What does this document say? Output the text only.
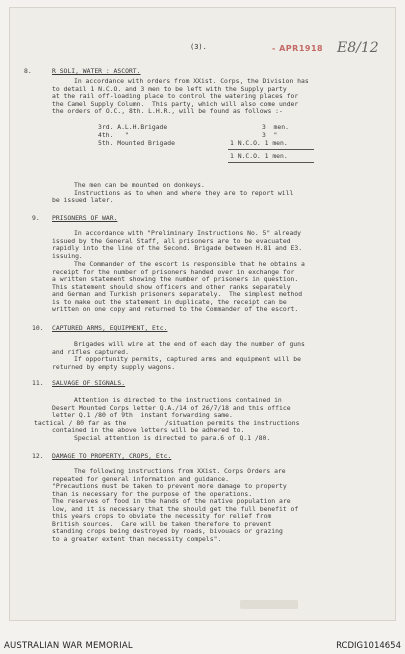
(3).	- APR1918 E8/12
8.	R SOLI, WATER : ASCORT.
In accordance with orders from XXist. Corps, the Division has
to detail 1 N.C.O. and 3 men to be left with the Supply party
at the rail off-loading place to control the watering places for
the Camel Supply Column.  This party, which will also come under
the orders of O.C., 8th. L.H.R., will be found as follows :-
3rd. A.L.H.Brigade	3  men.
4th.   "	3  "
5th. Mounted Brigade	1 N.C.O. 1 men.
1 N.C.O. 1 men.
The men can be mounted on donkeys.
Instructions as to when and where they are to report will
be issued later.
9. PRISONERS OF WAR.
In accordance with "Preliminary Instructions No. 5" already
issued by the General Staff, all prisoners are to be evacuated
rapidly into the line of the Second. Brigade between H.81 and E3.
issuing.
The Commander of the escort is responsible that he obtains a
receipt for the number of prisoners handed over in exchange for
a written statement showing the number of prisoners in question.
This statement should show officers and other ranks separately
and German and Turkish prisoners separately.  The simplest method
is to make out the statement in duplicate, the receipt can be
written on one copy and returned to the Commander of the escort.
10. CAPTURED ARMS, EQUIPMENT, Etc.
Brigades will wire at the end of each day the number of guns
and rifles captured.
If opportunity permits, captured arms and equipment will be
returned by empty supply wagons.
11. SALVAGE OF SIGNALS.
Attention is directed to the instructions contained in
Desert Mounted Corps letter Q.A./14 of 26/7/18 and this office
letter Q.1 /80 of 9th  instant forwarding same.
tactical / 80 far as the          /situation permits the instructions
contained in the above letters will be adhered to.
Special attention is directed to para.6 of Q.1 /80.
12. DAMAGE TO PROPERTY, CROPS, Etc.
The following instructions from XXist. Corps Orders are
repeated for general information and guidance.
"Precautions must be taken to prevent more damage to property
than is necessary for the purpose of the operations.
The reserves of food in the hands of the native population are
low, and it is necessary that the should get the full benefit of
this years crops to obviate the necessity for relief from
British sources.  Care will be taken therefore to prevent
standing crops being destroyed by roads, bivouacs or grazing
to a greater extent than necessity compels".
AUSTRALIAN WAR MEMORIAL	RCDIG1014654
